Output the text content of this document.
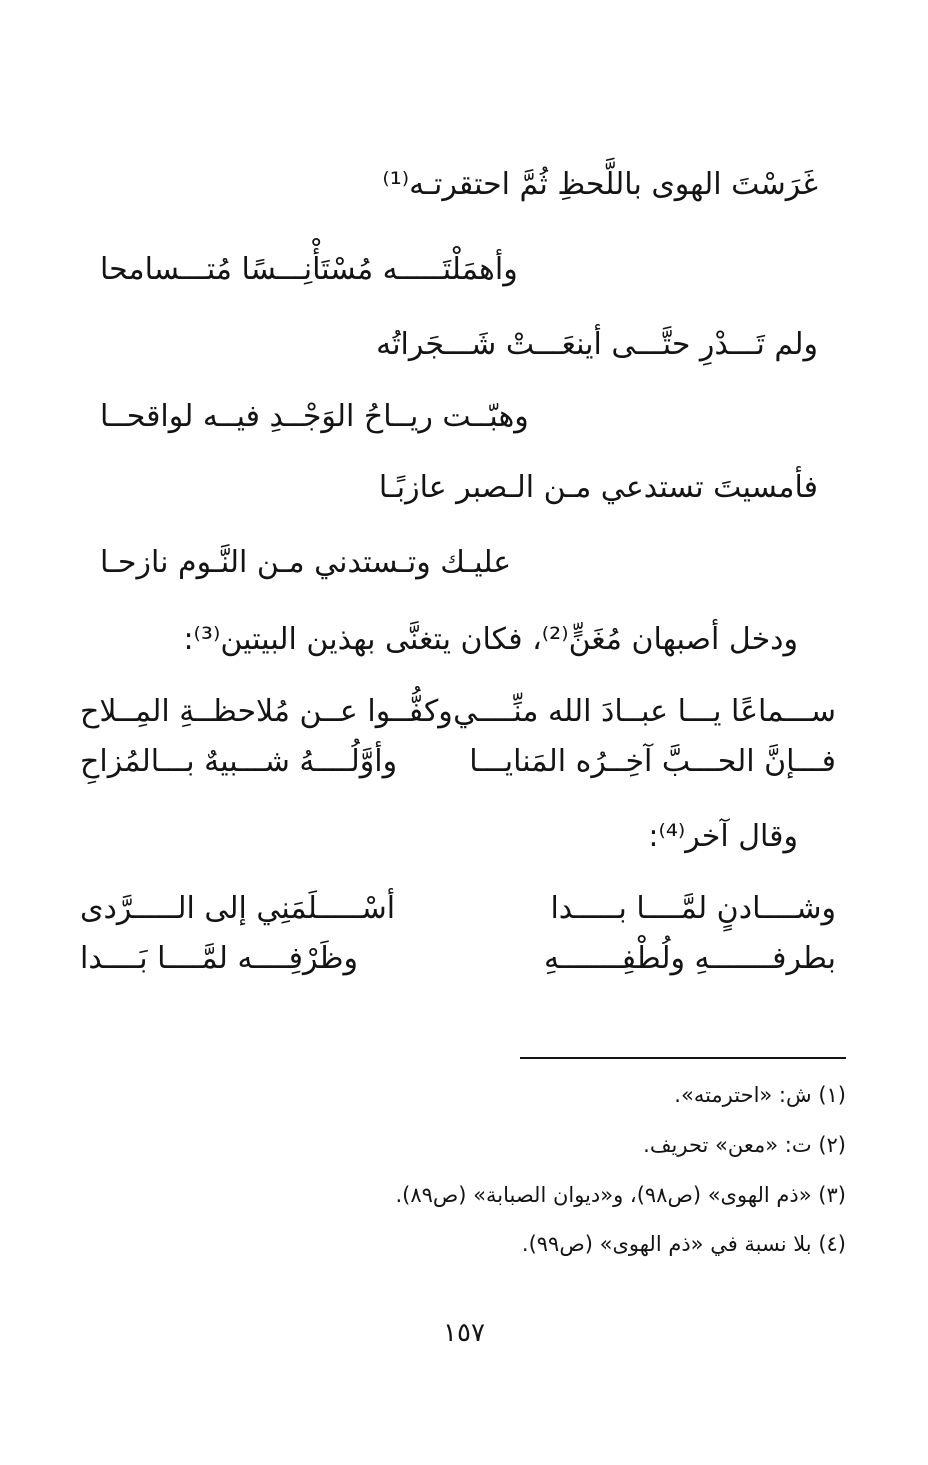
غَرَسْتَ الهوى باللَّحظِ ثُمَّ احتقرتـه⁽¹⁾
وأهمَلْتَـــــه مُسْتَأْنِـــسًا مُتـــسامحا
ولم تَـــدْرِ حتَّـــى أينعَـــتْ شَـــجَراتُه
وهبّــت ريــاحُ الوَجْــدِ فيــه لواقحــا
فأمسيتَ تستدعي مـن الـصبر عازبًـا
عليـك وتـستدني مـن النَّـوم نازحـا
ودخل أصبهان مُغَنٍّ⁽²⁾، فكان يتغنَّى بهذين البيتين⁽³⁾:
ســـماعًا يـــا عبــادَ الله منِّــــي
وكفُّــوا عــن مُلاحظــةِ المِــلاح
فـــإنَّ الحـــبَّ آخِــرُه المَنايـــا
وأوَّلُــــهُ شـــبيهٌ بـــالمُزاحِ
وقال آخر⁽⁴⁾:
وشــــادنٍ لمَّــــا بـــــدا
أسْـــــلَمَنِي إلى الـــــرَّدى
بطرفـــــــهِ ولُطْفِـــــــهِ
وظَرْفِــــه لمَّــــا بَــــدا
(١) ش: «احترمته».
(٢) ت: «معن» تحريف.
(٣) «ذم الهوى» (ص٩٨)، و«ديوان الصبابة» (ص٨٩).
(٤) بلا نسبة في «ذم الهوى» (ص٩٩).
١٥٧
